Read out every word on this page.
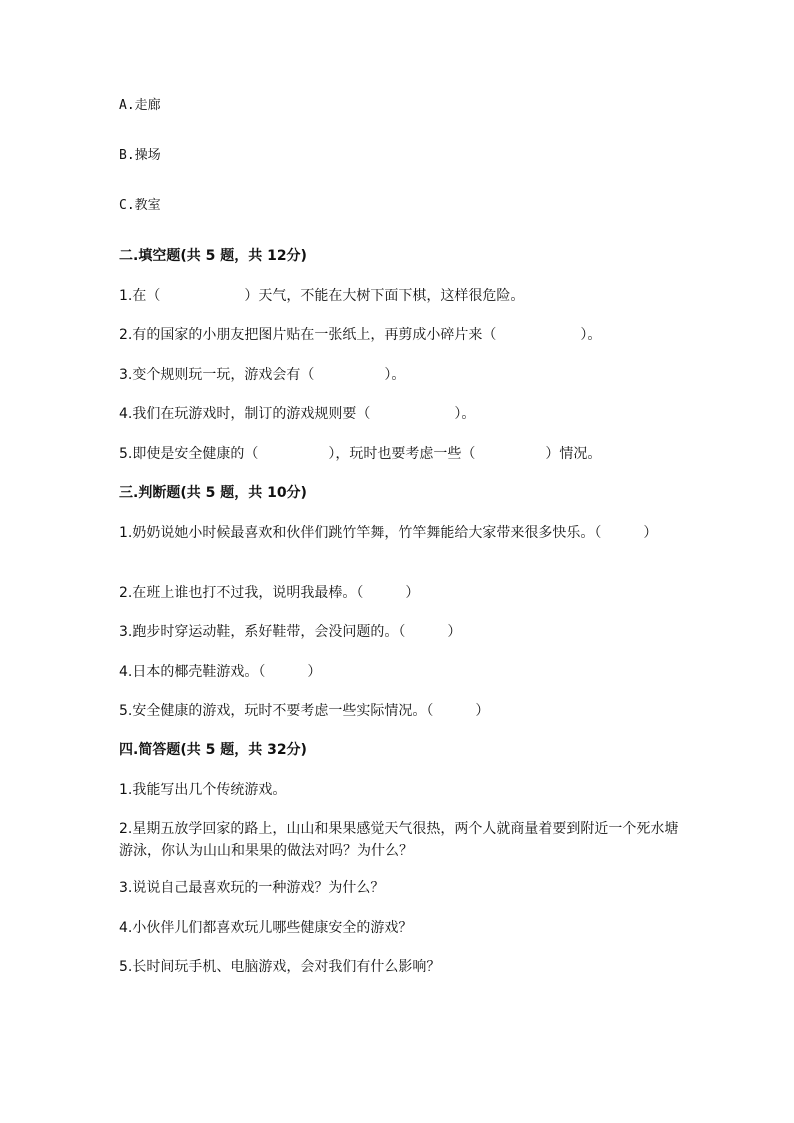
A.走廊
B.操场
C.教室
二.填空题(共 5 题，共 12分)
1.在（　　　　　　）天气，不能在大树下面下棋，这样很危险。
2.有的国家的小朋友把图片贴在一张纸上，再剪成小碎片来（　　　　　　）。
3.变个规则玩一玩，游戏会有（　　　　　）。
4.我们在玩游戏时，制订的游戏规则要（　　　　　　）。
5.即使是安全健康的（　　　　　），玩时也要考虑一些（　　　　　）情况。
三.判断题(共 5 题，共 10分)
1.奶奶说她小时候最喜欢和伙伴们跳竹竿舞，竹竿舞能给大家带来很多快乐。（　　　）
2.在班上谁也打不过我，说明我最棒。（　　　）
3.跑步时穿运动鞋，系好鞋带，会没问题的。（　　　）
4.日本的椰壳鞋游戏。（　　　）
5.安全健康的游戏，玩时不要考虑一些实际情况。（　　　）
四.简答题(共 5 题，共 32分)
1.我能写出几个传统游戏。
2.星期五放学回家的路上，山山和果果感觉天气很热，两个人就商量着要到附近一个死水塘游泳，你认为山山和果果的做法对吗？为什么？
3.说说自己最喜欢玩的一种游戏？为什么？
4.小伙伴儿们都喜欢玩儿哪些健康安全的游戏？
5.长时间玩手机、电脑游戏，会对我们有什么影响？
